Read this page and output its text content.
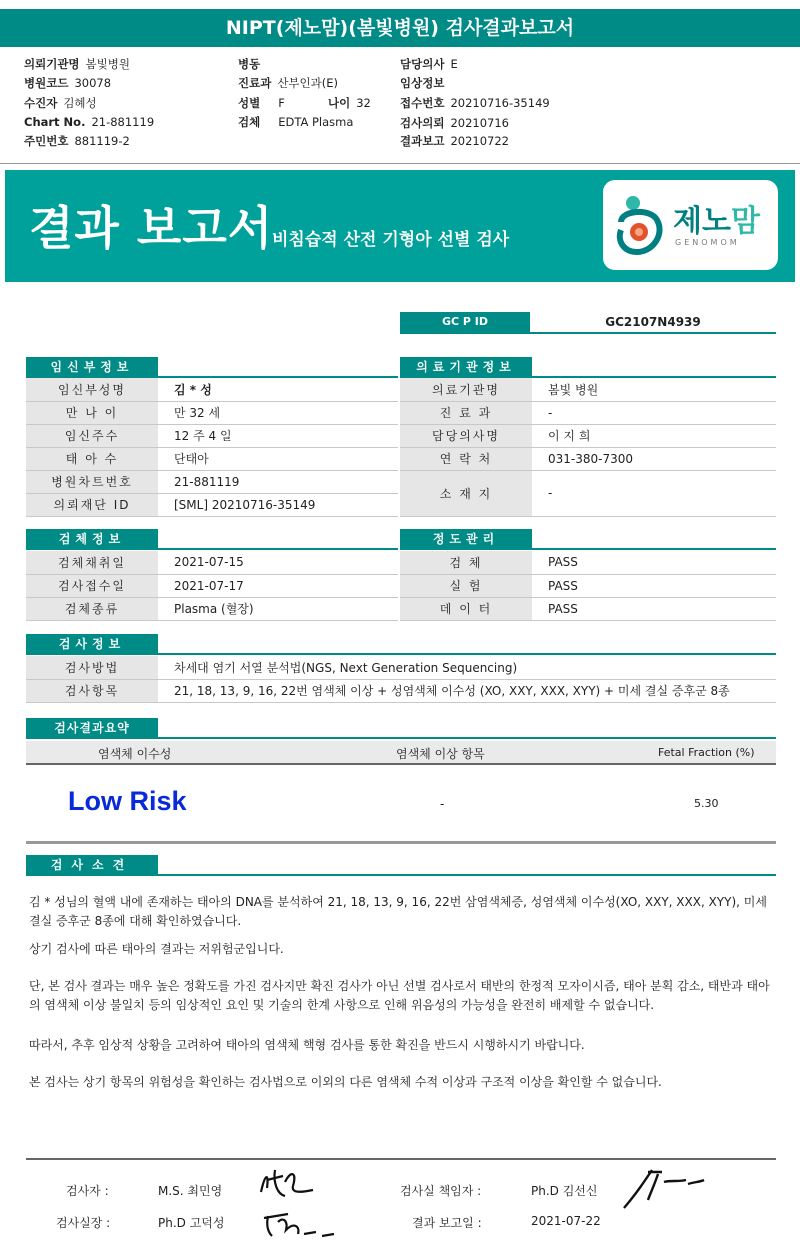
NIPT(제노맘)(봄빛병원) 검사결과보고서
의뢰기관명 봄빛병원
병원코드 30078
수진자 김혜성
Chart No. 21-881119
주민번호 881119-2
병동
진료과 산부인과(E)
성별 F	나이 32
검체 EDTA Plasma
담당의사 E
임상정보
접수번호 20210716-35149
검사의뢰 20210716
결과보고 20210722
결과 보고서
비침습적 산전 기형아 선별 검사
제노맘
GENOMOM
GC P ID	GC2107N4939
임신부정보
임신부성명	김 * 성
만 나 이	만 32 세
임신주수	12 주 4 일
태 아 수	단태아
병원차트번호	21-881119
의뢰재단 ID	[SML] 20210716-35149
의료기관정보
의료기관명	봄빛 병원
진 료 과	-
담당의사명	이 지 희
연 락 처	031-380-7300
소 재 지	-
검체정보
검체채취일	2021-07-15
검사접수일	2021-07-17
검체종류	Plasma (혈장)
정도관리
검 체	PASS
실 험	PASS
데 이 터	PASS
검사정보
검사방법	차세대 염기 서열 분석법(NGS, Next Generation Sequencing)
검사항목	21, 18, 13, 9, 16, 22번 염색체 이상 + 성염색체 이수성 (XO, XXY, XXX, XYY) + 미세 결실 증후군 8종
검사결과요약
염색체 이수성	염색체 이상 항목	Fetal Fraction (%)
Low Risk	-	5.30
검사소견
김 * 성님의 혈액 내에 존재하는 태아의 DNA를 분석하여 21, 18, 13, 9, 16, 22번 삼염색체증, 성염색체 이수성(XO, XXY, XXX, XYY), 미세 결실 증후군 8종에 대해 확인하였습니다.
상기 검사에 따른 태아의 결과는 저위험군입니다.
단, 본 검사 결과는 매우 높은 정확도를 가진 검사지만 확진 검사가 아닌 선별 검사로서 태반의 한정적 모자이시즘, 태아 분획 감소, 태반과 태아의 염색체 이상 불일치 등의 임상적인 요인 및 기술의 한계 사항으로 인해 위음성의 가능성을 완전히 배제할 수 없습니다.
따라서, 추후 임상적 상황을 고려하여 태아의 염색체 핵형 검사를 통한 확진을 반드시 시행하시기 바랍니다.
본 검사는 상기 항목의 위험성을 확인하는 검사법으로 이외의 다른 염색체 수적 이상과 구조적 이상을 확인할 수 없습니다.
검사자 :	M.S. 최민영	검사실 책임자 :	Ph.D 김선신
검사실장 :	Ph.D 고덕성	결과 보고일 :	2021-07-22
